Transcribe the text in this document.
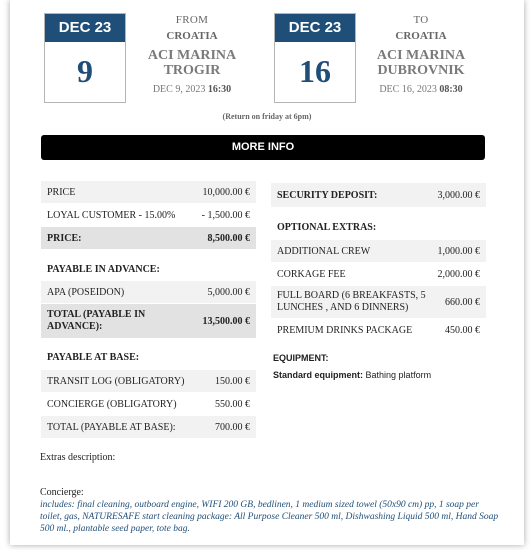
DEC 23
9
FROM
CROATIA
ACI MARINA
TROGIR
DEC 9, 2023 16:30
DEC 23
16
TO
CROATIA
ACI MARINA
DUBROVNIK
DEC 16, 2023 08:30
(Return on friday at 6pm)
MORE INFO
PRICE	10,000.00 €
LOYAL CUSTOMER - 15.00%	- 1,500.00 €
PRICE:	8,500.00 €
PAYABLE IN ADVANCE:
APA (POSEIDON)	5,000.00 €
TOTAL (PAYABLE IN ADVANCE):	13,500.00 €
PAYABLE AT BASE:
TRANSIT LOG (OBLIGATORY)	150.00 €
CONCIERGE (OBLIGATORY)	550.00 €
TOTAL (PAYABLE AT BASE):	700.00 €
SECURITY DEPOSIT:	3,000.00 €
OPTIONAL EXTRAS:
ADDITIONAL CREW	1,000.00 €
CORKAGE FEE	2,000.00 €
FULL BOARD (6 BREAKFASTS, 5 LUNCHES , AND 6 DINNERS)	660.00 €
PREMIUM DRINKS PACKAGE	450.00 €
EQUIPMENT:
Standard equipment: Bathing platform
Extras description:
Concierge:
includes: final cleaning, outboard engine, WIFI 200 GB, bedlinen, 1 medium sized towel (50x90 cm) pp, 1 soap per toilet, gas, NATURESAFE start cleaning package: All Purpose Cleaner 500 ml, Dishwashing Liquid 500 ml, Hand Soap 500 ml., plantable seed paper, tote bag.
